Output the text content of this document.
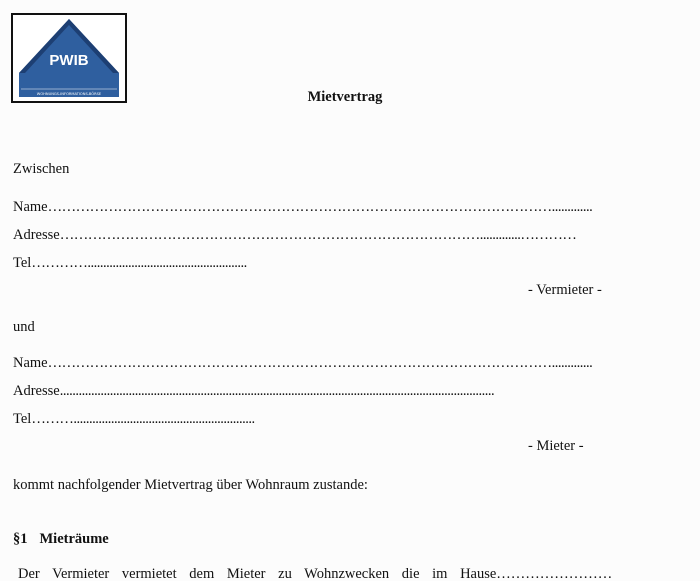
PWIB
WOHNUNGS-INFORMATIONS-BÖRSE	Mietvertrag
Zwischen
Name……………………………………………………………………………………………….............
Adresse……………………………………………………………………………….............…………
Tel…………...................................................
- Vermieter -
und
Name……………………………………………………………………………………………….............
Adresse...........................................................................................................................................
Tel………..........................................................
- Mieter -
kommt nachfolgender Mietvertrag über Wohnraum zustande:
§1 Mieträume
Der Vermieter vermietet dem Mieter zu Wohnzwecken die im Hause……………………
